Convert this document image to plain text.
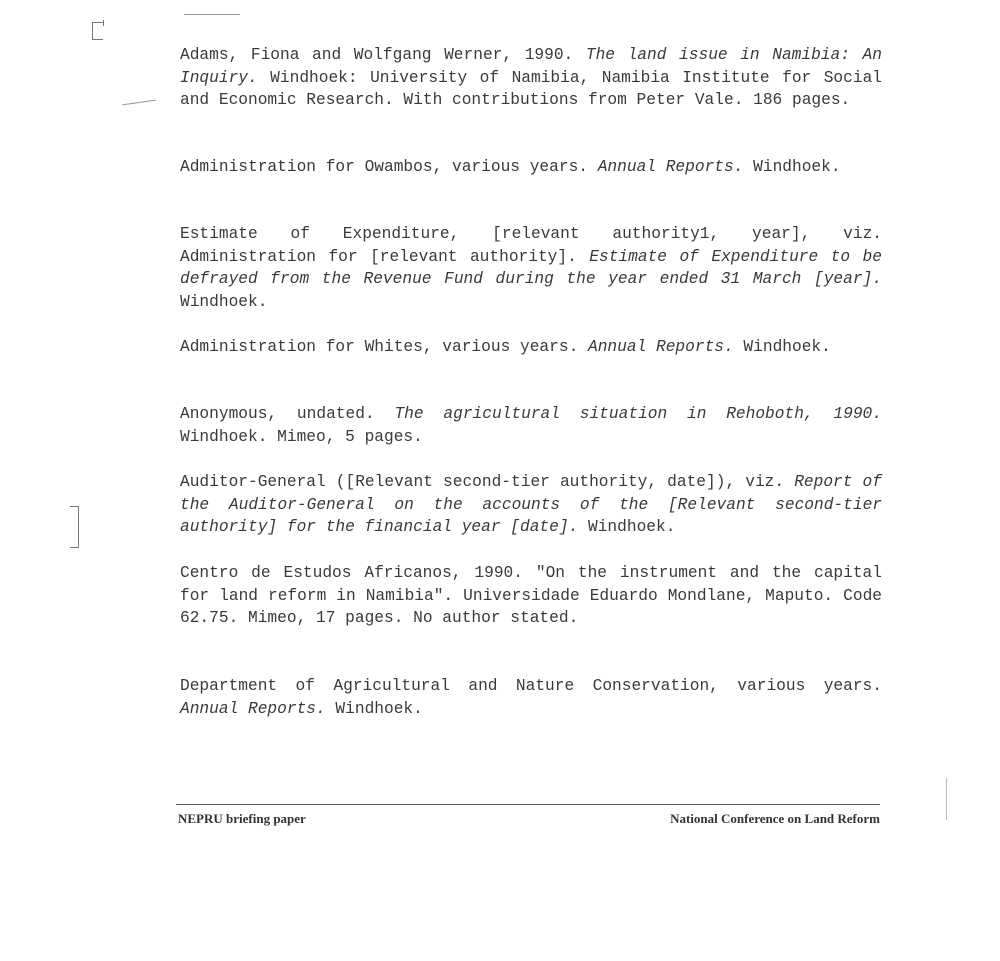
Adams, Fiona and Wolfgang Werner, 1990. The land issue in Namibia: An Inquiry. Windhoek: University of Namibia, Namibia Institute for Social and Economic Research. With contributions from Peter Vale. 186 pages.

Administration for Owambos, various years. Annual Reports. Windhoek.

Estimate of Expenditure, [relevant authority1, year], viz. Administration for [relevant authority]. Estimate of Expenditure to be defrayed from the Revenue Fund during the year ended 31 March [year]. Windhoek.

Administration for Whites, various years. Annual Reports. Windhoek.

Anonymous, undated. The agricultural situation in Rehoboth, 1990. Windhoek. Mimeo, 5 pages.

Auditor-General ([Relevant second-tier authority, date]), viz. Report of the Auditor-General on the accounts of the [Relevant second-tier authority] for the financial year [date]. Windhoek.

Centro de Estudos Africanos, 1990. "On the instrument and the capital for land reform in Namibia". Universidade Eduardo Mondlane, Maputo. Code 62.75. Mimeo, 17 pages. No author stated.

Department of Agricultural and Nature Conservation, various years. Annual Reports. Windhoek.

NEPRU briefing paper	National Conference on Land Reform
